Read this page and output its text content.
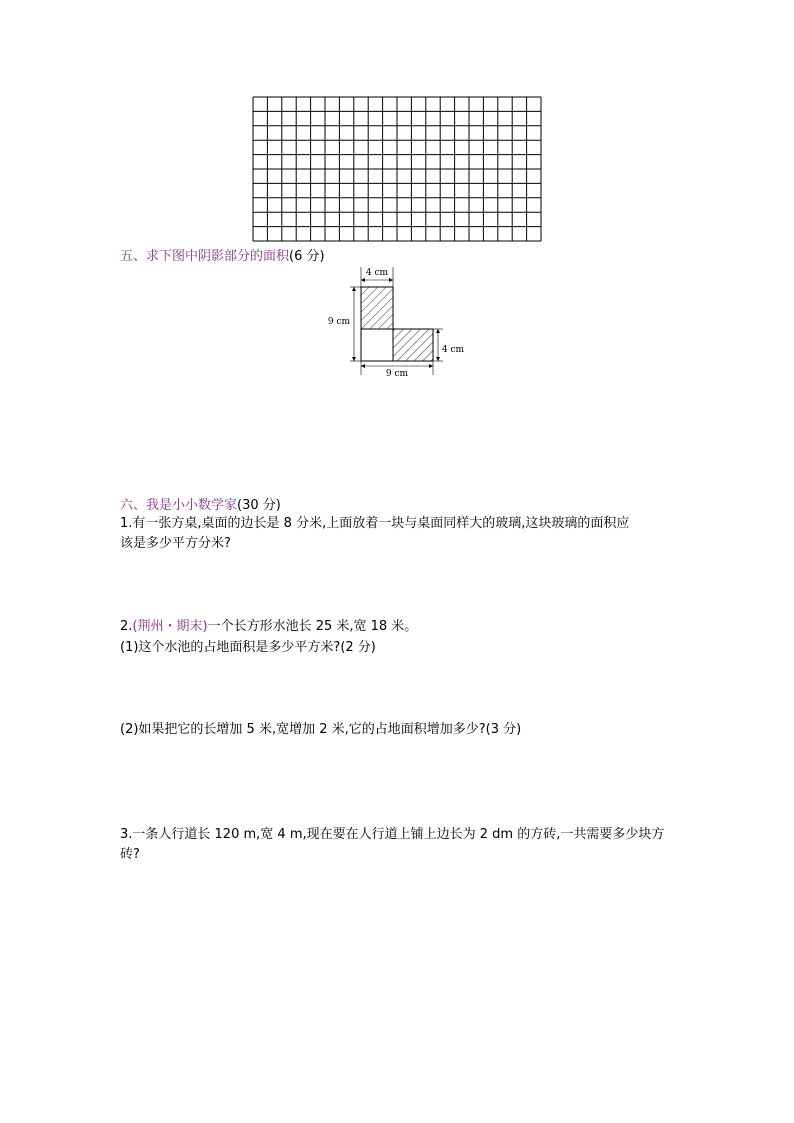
五、求下图中阴影部分的面积(6 分)
4 cm
9 cm
4 cm
9 cm
六、我是小小数学家(30 分)
1.有一张方桌,桌面的边长是 8 分米,上面放着一块与桌面同样大的玻璃,这块玻璃的面积应
该是多少平方分米?
2.(荆州・期末)一个长方形水池长 25 米,宽 18 米。
(1)这个水池的占地面积是多少平方米?(2 分)
(2)如果把它的长增加 5 米,宽增加 2 米,它的占地面积增加多少?(3 分)
3.一条人行道长 120 m,宽 4 m,现在要在人行道上铺上边长为 2 dm 的方砖,一共需要多少块方
砖?
